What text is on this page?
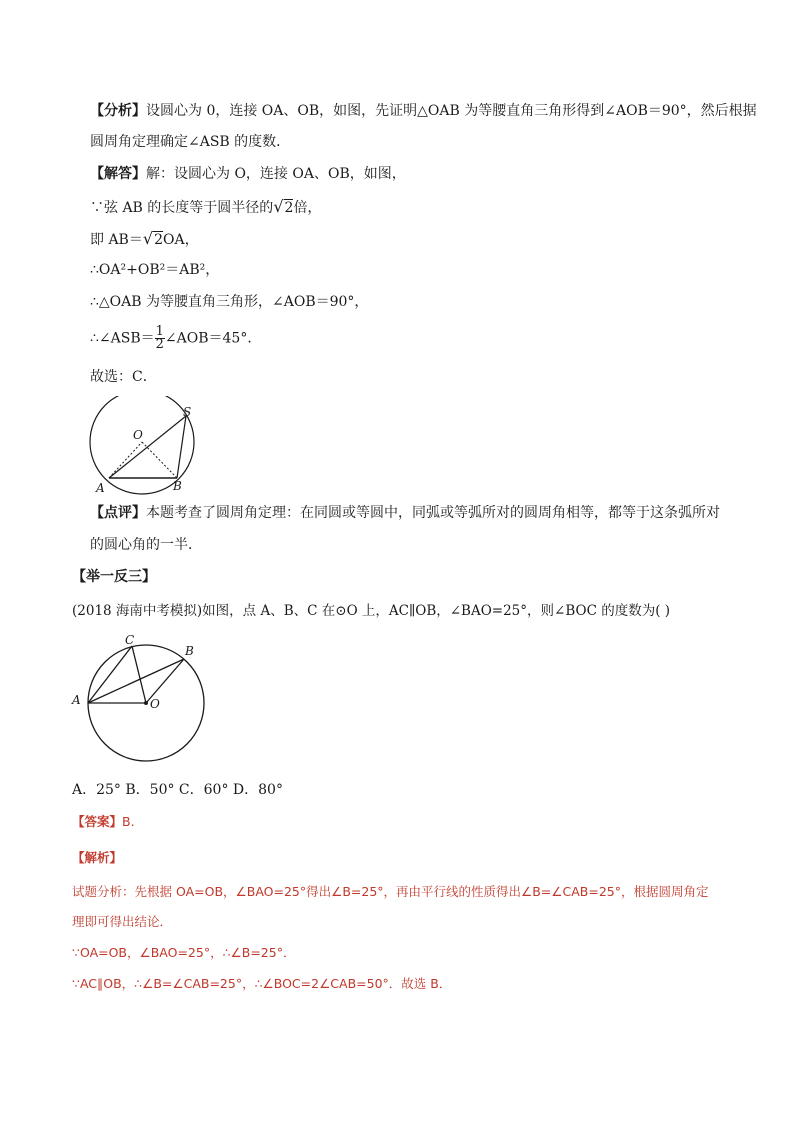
【分析】设圆心为 0，连接 OA、OB，如图，先证明△OAB 为等腰直角三角形得到∠AOB＝90°，然后根据
圆周角定理确定∠ASB 的度数．
【解答】解：设圆心为 O，连接 OA、OB，如图，
∵弦 AB 的长度等于圆半径的√2倍，
即 AB＝√2OA，
∴OA²+OB²＝AB²，
∴△OAB 为等腰直角三角形，∠AOB＝90°，
∴∠ASB＝ $\frac{1}{2}$ ∠AOB＝45°．
故选：C．
O
S
A	B
【点评】本题考查了圆周角定理：在同圆或等圆中，同弧或等弧所对的圆周角相等，都等于这条弧所对
的圆心角的一半．
【举一反三】
(2018 海南中考模拟)如图，点 A、B、C 在⊙O 上，AC∥OB，∠BAO=25°，则∠BOC 的度数为( )
C
B
A	O
A．25° B．50° C．60° D．80°
【答案】B.
【解析】
试题分析：先根据 OA=OB，∠BAO=25°得出∠B=25°，再由平行线的性质得出∠B=∠CAB=25°，根据圆周角定
理即可得出结论．
∵OA=OB，∠BAO=25°，∴∠B=25°．
∵AC∥OB，∴∠B=∠CAB=25°，∴∠BOC=2∠CAB=50°．故选 B．
